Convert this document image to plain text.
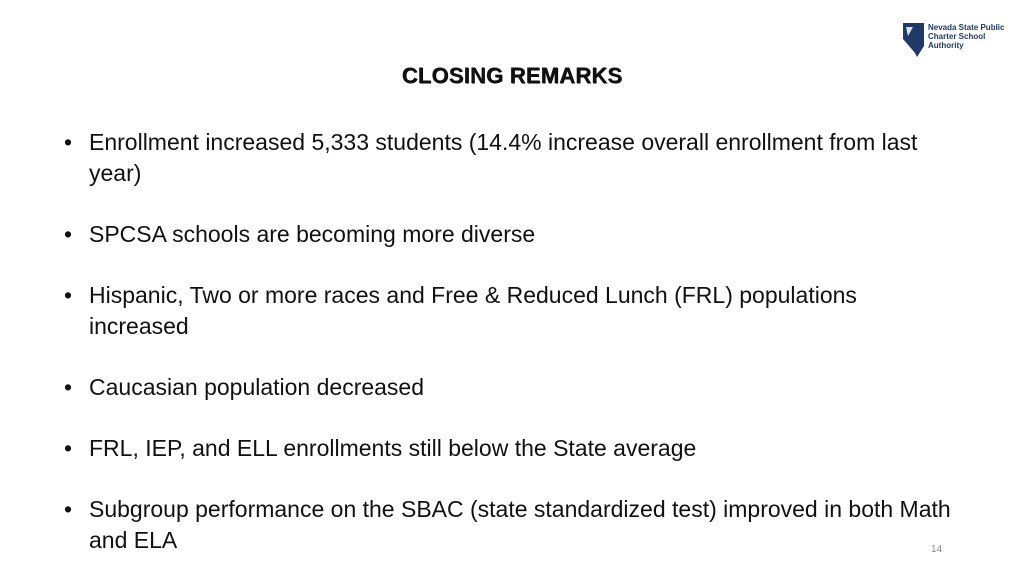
Nevada State Public
Charter School
Authority
CLOSING REMARKS
• Enrollment increased 5,333 students (14.4% increase overall enrollment from last year)
• SPCSA schools are becoming more diverse
• Hispanic, Two or more races and Free & Reduced Lunch (FRL) populations increased
• Caucasian population decreased
• FRL, IEP, and ELL enrollments still below the State average
• Subgroup performance on the SBAC (state standardized test) improved in both Math and ELA	14
